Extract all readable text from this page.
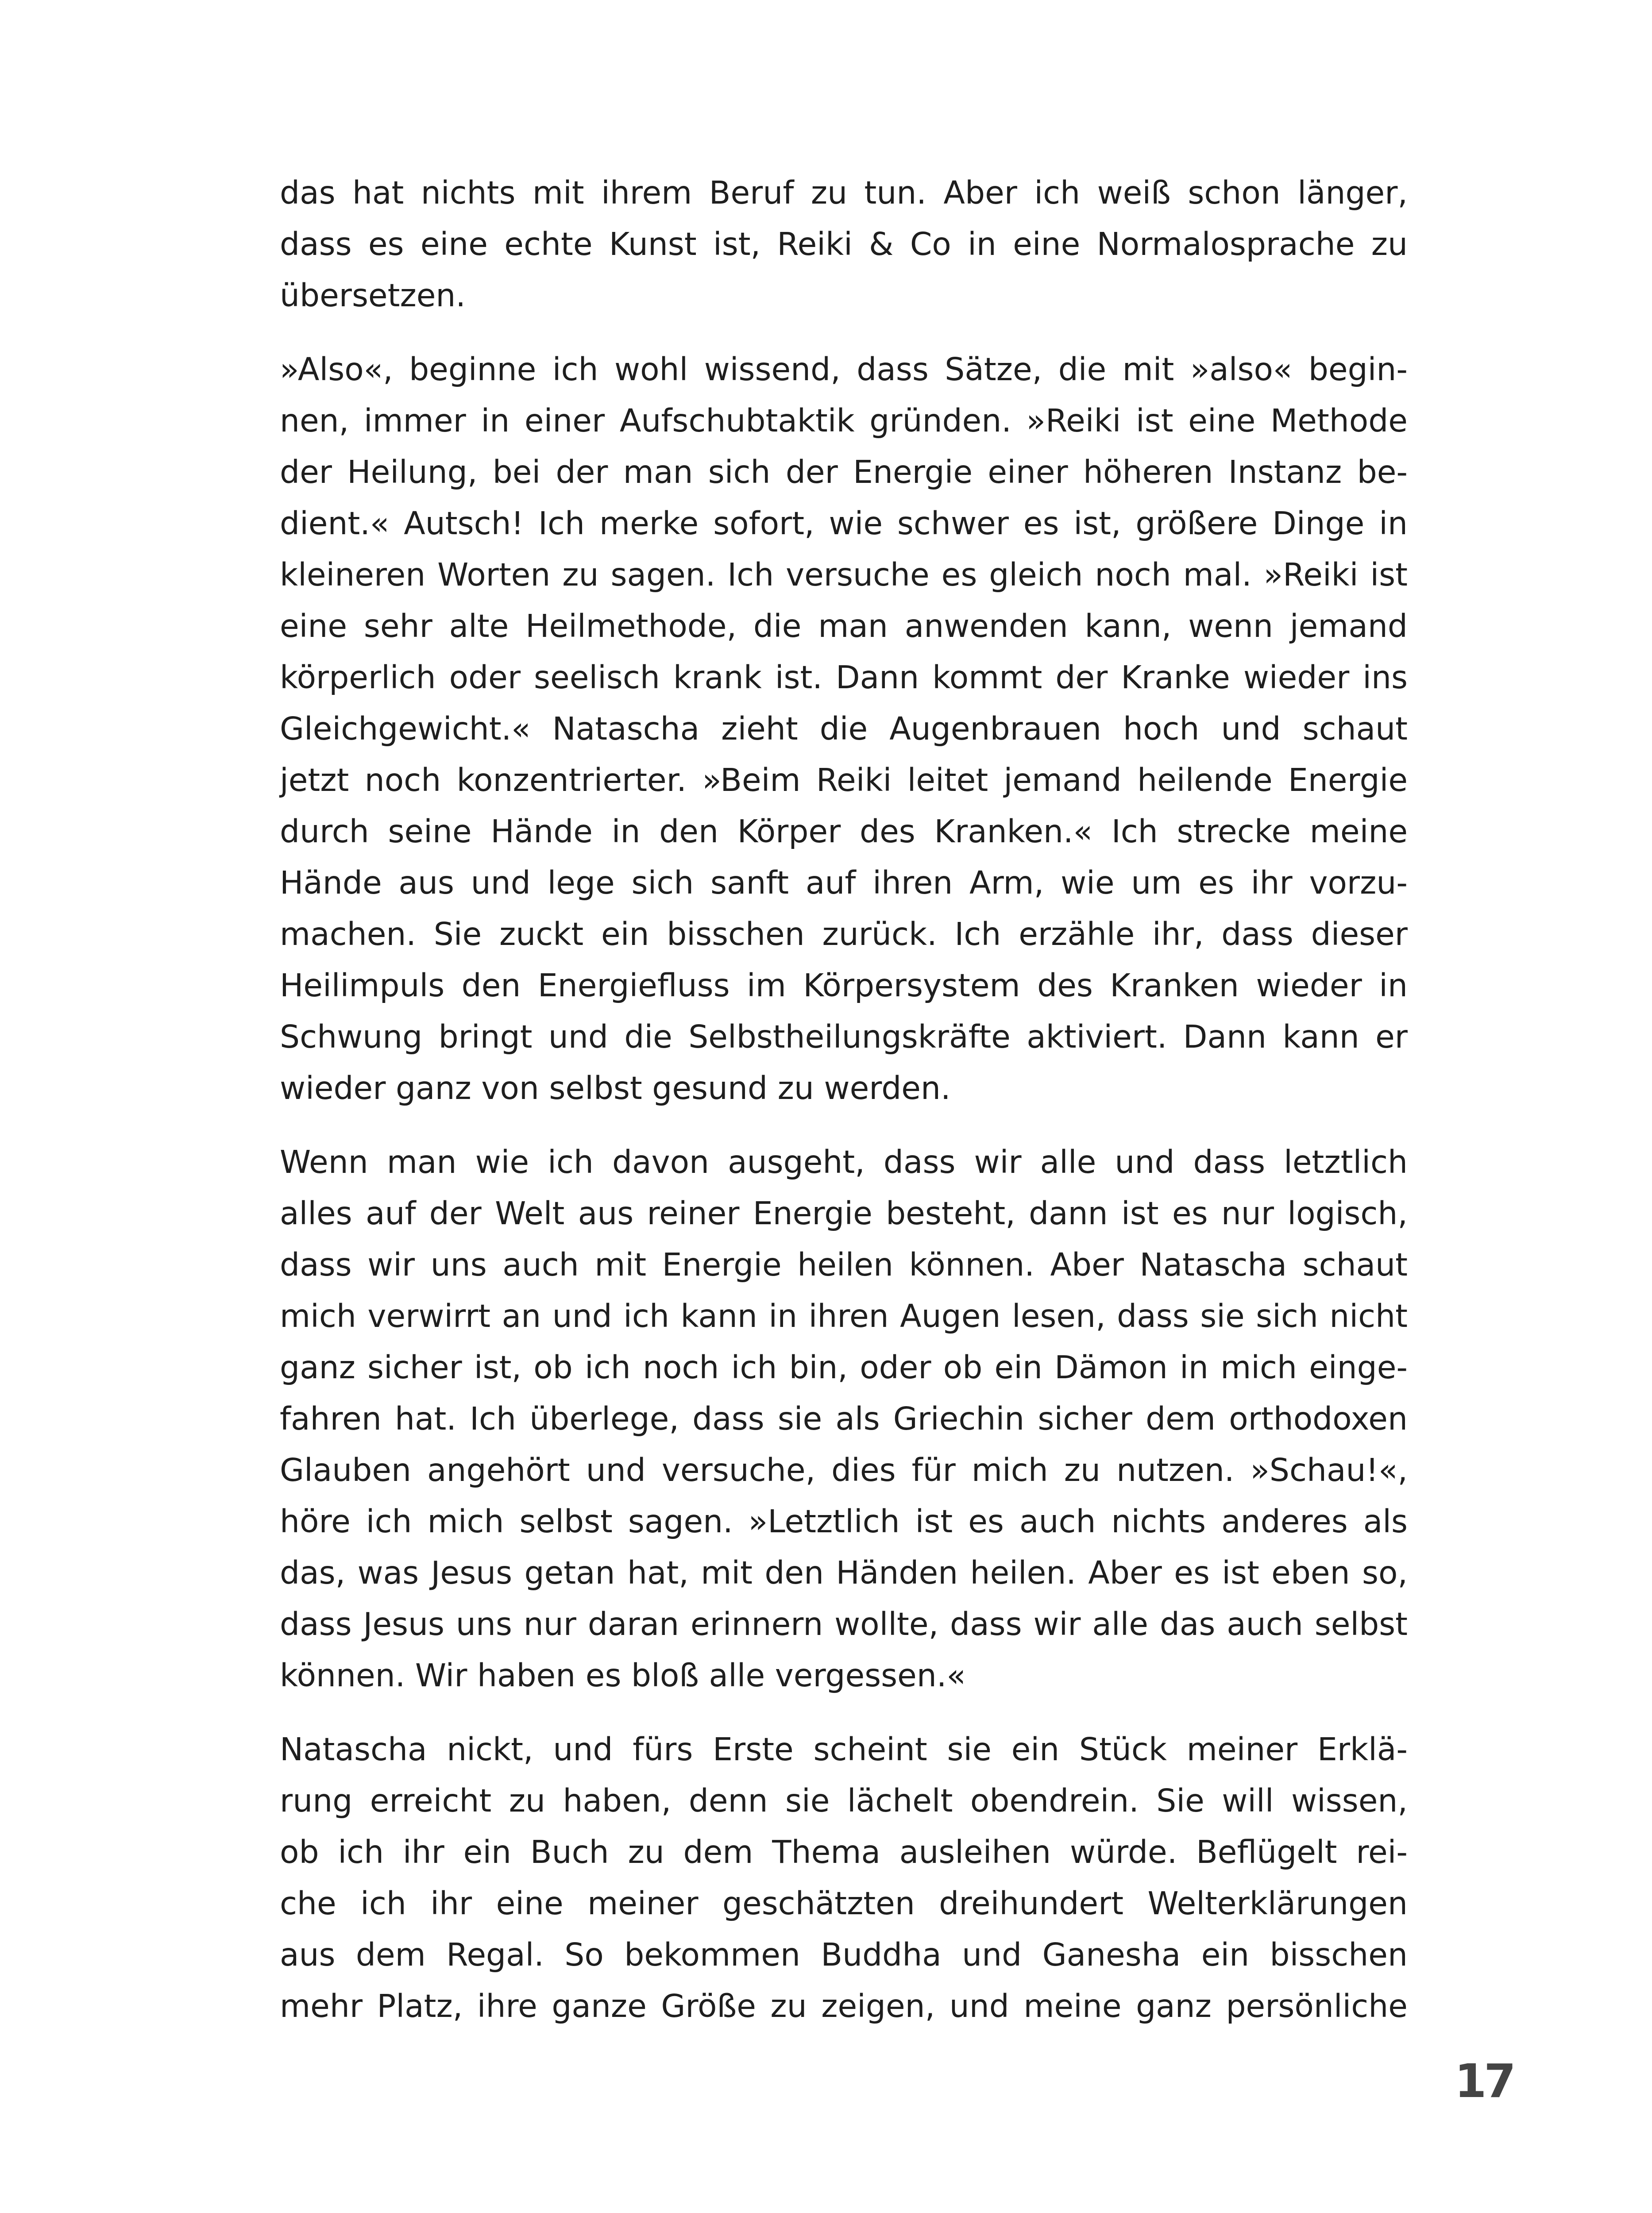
das hat nichts mit ihrem Beruf zu tun. Aber ich weiß schon länger,
dass es eine echte Kunst ist, Reiki & Co in eine Normalosprache zu
übersetzen.

»Also«, beginne ich wohl wissend, dass Sätze, die mit »also« begin-
nen, immer in einer Aufschubtaktik gründen. »Reiki ist eine Methode
der Heilung, bei der man sich der Energie einer höheren Instanz be-
dient.« Autsch! Ich merke sofort, wie schwer es ist, größere Dinge in
kleineren Worten zu sagen. Ich versuche es gleich noch mal. »Reiki ist
eine sehr alte Heilmethode, die man anwenden kann, wenn jemand
körperlich oder seelisch krank ist. Dann kommt der Kranke wieder ins
Gleichgewicht.« Natascha zieht die Augenbrauen hoch und schaut
jetzt noch konzentrierter. »Beim Reiki leitet jemand heilende Energie
durch seine Hände in den Körper des Kranken.« Ich strecke meine
Hände aus und lege sich sanft auf ihren Arm, wie um es ihr vorzu-
machen. Sie zuckt ein bisschen zurück. Ich erzähle ihr, dass dieser
Heilimpuls den Energiefluss im Körpersystem des Kranken wieder in
Schwung bringt und die Selbstheilungskräfte aktiviert. Dann kann er
wieder ganz von selbst gesund zu werden.

Wenn man wie ich davon ausgeht, dass wir alle und dass letztlich
alles auf der Welt aus reiner Energie besteht, dann ist es nur logisch,
dass wir uns auch mit Energie heilen können. Aber Natascha schaut
mich verwirrt an und ich kann in ihren Augen lesen, dass sie sich nicht
ganz sicher ist, ob ich noch ich bin, oder ob ein Dämon in mich einge-
fahren hat. Ich überlege, dass sie als Griechin sicher dem orthodoxen
Glauben angehört und versuche, dies für mich zu nutzen. »Schau!«,
höre ich mich selbst sagen. »Letztlich ist es auch nichts anderes als
das, was Jesus getan hat, mit den Händen heilen. Aber es ist eben so,
dass Jesus uns nur daran erinnern wollte, dass wir alle das auch selbst
können. Wir haben es bloß alle vergessen.«

Natascha nickt, und fürs Erste scheint sie ein Stück meiner Erklä-
rung erreicht zu haben, denn sie lächelt obendrein. Sie will wissen,
ob ich ihr ein Buch zu dem Thema ausleihen würde. Beflügelt rei-
che ich ihr eine meiner geschätzten dreihundert Welterklärungen
aus dem Regal. So bekommen Buddha und Ganesha ein bisschen
mehr Platz, ihre ganze Größe zu zeigen, und meine ganz persönliche

17
